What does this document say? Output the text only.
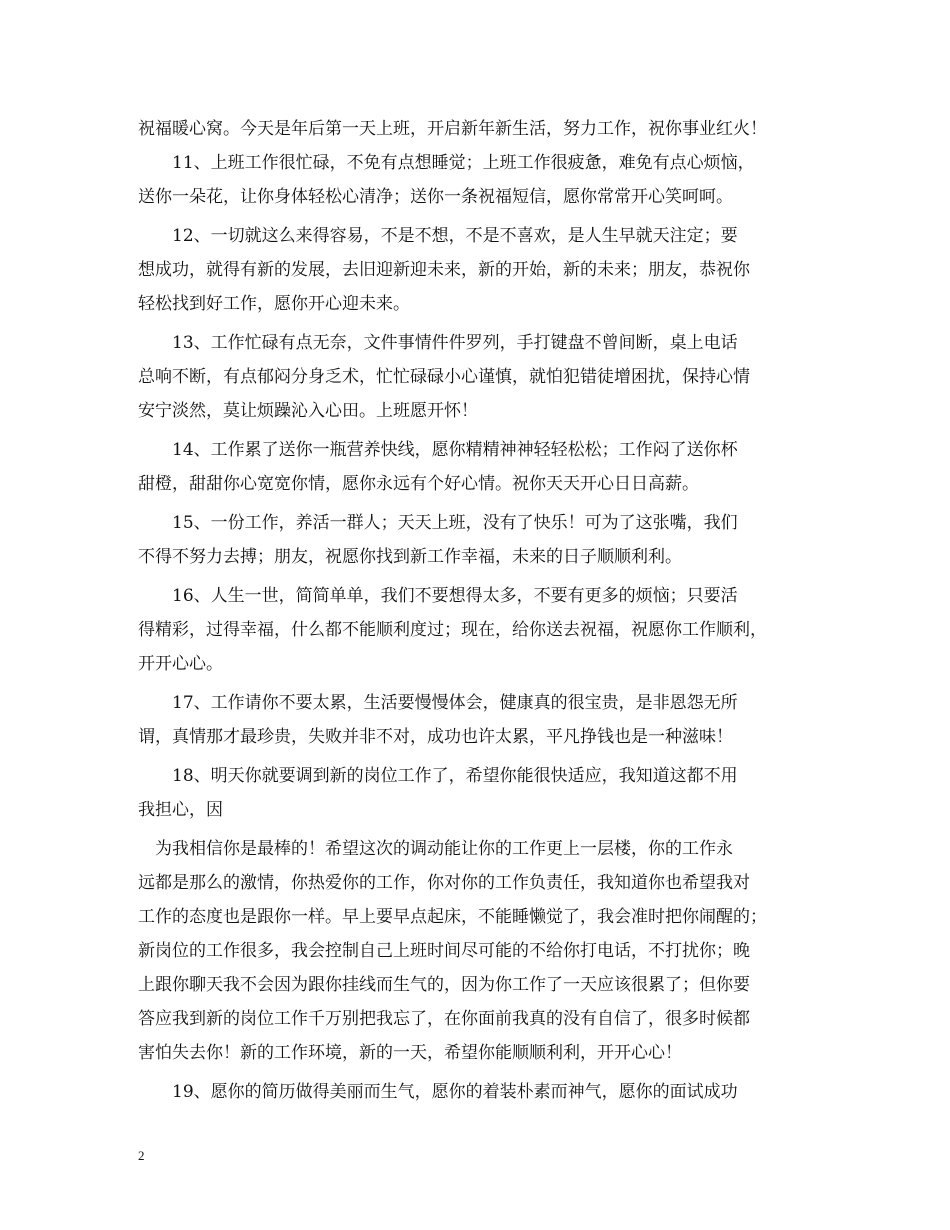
祝福暖心窝。今天是年后第一天上班，开启新年新生活，努力工作，祝你事业红火！
11、上班工作很忙碌，不免有点想睡觉；上班工作很疲惫，难免有点心烦恼，
送你一朵花，让你身体轻松心清净；送你一条祝福短信，愿你常常开心笑呵呵。
12、一切就这么来得容易，不是不想，不是不喜欢，是人生早就天注定；要
想成功，就得有新的发展，去旧迎新迎未来，新的开始，新的未来；朋友，恭祝你
轻松找到好工作，愿你开心迎未来。
13、工作忙碌有点无奈，文件事情件件罗列，手打键盘不曾间断，桌上电话
总响不断，有点郁闷分身乏术，忙忙碌碌小心谨慎，就怕犯错徒增困扰，保持心情
安宁淡然，莫让烦躁沁入心田。上班愿开怀！
14、工作累了送你一瓶营养快线，愿你精精神神轻轻松松；工作闷了送你杯
甜橙，甜甜你心宽宽你情，愿你永远有个好心情。祝你天天开心日日高薪。
15、一份工作，养活一群人；天天上班，没有了快乐！可为了这张嘴，我们
不得不努力去搏；朋友，祝愿你找到新工作幸福，未来的日子顺顺利利。
16、人生一世，简简单单，我们不要想得太多，不要有更多的烦恼；只要活
得精彩，过得幸福，什么都不能顺利度过；现在，给你送去祝福，祝愿你工作顺利，
开开心心。
17、工作请你不要太累，生活要慢慢体会，健康真的很宝贵，是非恩怨无所
谓，真情那才最珍贵，失败并非不对，成功也许太累，平凡挣钱也是一种滋味！
18、明天你就要调到新的岗位工作了，希望你能很快适应，我知道这都不用
我担心，因
为我相信你是最棒的！希望这次的调动能让你的工作更上一层楼，你的工作永
远都是那么的激情，你热爱你的工作，你对你的工作负责任，我知道你也希望我对
工作的态度也是跟你一样。早上要早点起床，不能睡懒觉了，我会准时把你闹醒的；
新岗位的工作很多，我会控制自己上班时间尽可能的不给你打电话，不打扰你；晚
上跟你聊天我不会因为跟你挂线而生气的，因为你工作了一天应该很累了；但你要
答应我到新的岗位工作千万别把我忘了，在你面前我真的没有自信了，很多时候都
害怕失去你！新的工作环境，新的一天，希望你能顺顺利利，开开心心！
19、愿你的简历做得美丽而生气，愿你的着装朴素而神气，愿你的面试成功
2
